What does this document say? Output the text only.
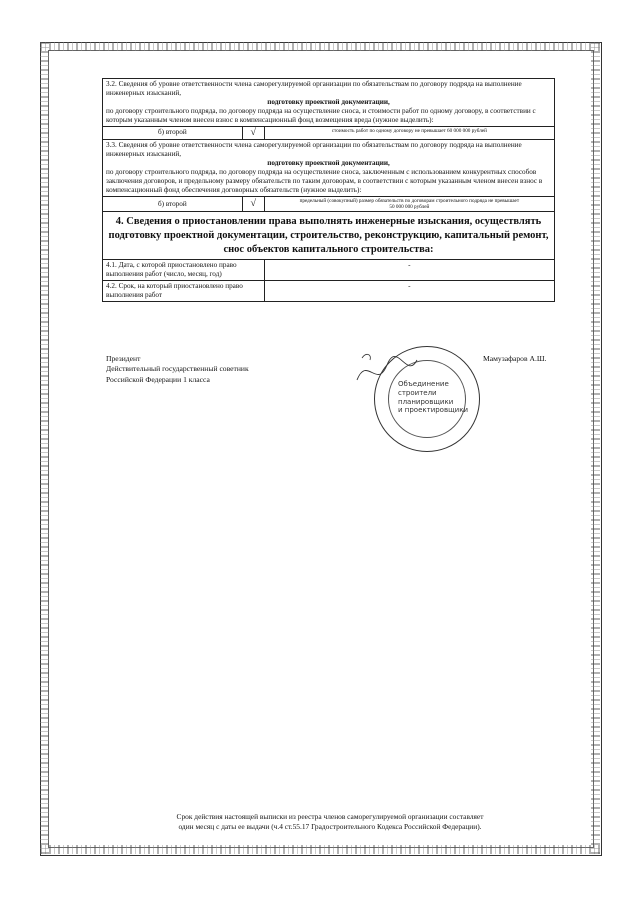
3.2. Сведения об уровне ответственности члена саморегулируемой организации по обязательствам по договору подряда на выполнение инженерных изысканий,
подготовку проектной документации,
по договору строительного подряда, по договору подряда на осуществление сноса, и стоимости работ по одному договору, в соответствии с которым указанным членом внесен взнос в компенсационный фонд возмещения вреда (нужное выделить):		

б) второй	√	стоимость работ по одному договору не превышает 60 000 000 рублей

3.3. Сведения об уровне ответственности члена саморегулируемой организации по обязательствам по договору подряда на выполнение инженерных изысканий,
подготовку проектной документации,
по договору строительного подряда, по договору подряда на осуществление сноса, заключенным с использованием конкурентных способов заключения договоров, и предельному размеру обязательств по таким договорам, в соответствии с которым указанным членом внесен взнос в компенсационный фонд обеспечения договорных обязательств (нужное выделить):		

б) второй	√	предельный (совокупный) размер обязательств по договорам строительного подряда не превышает
50 000 000 рублей

4. Сведения о приостановлении права выполнять инженерные изыскания, осуществлять подготовку проектной документации, строительство, реконструкцию, капитальный ремонт, снос объектов капитального строительства:		
4.1. Дата, с которой приостановлено право выполнения работ (число, месяц, год)		-
4.2. Срок, на который приостановлено право выполнения работ		-
Президент
Действительный государственный советник
Российской Федерации 1 класса
Объединение
строители
планировщики
и проектировщики
Мамузафаров А.Ш.
Срок действия настоящей выписки из реестра членов саморегулируемой организации составляет
один месяц с даты ее выдачи (ч.4 ст.55.17 Градостроительного Кодекса Российской Федерации).
